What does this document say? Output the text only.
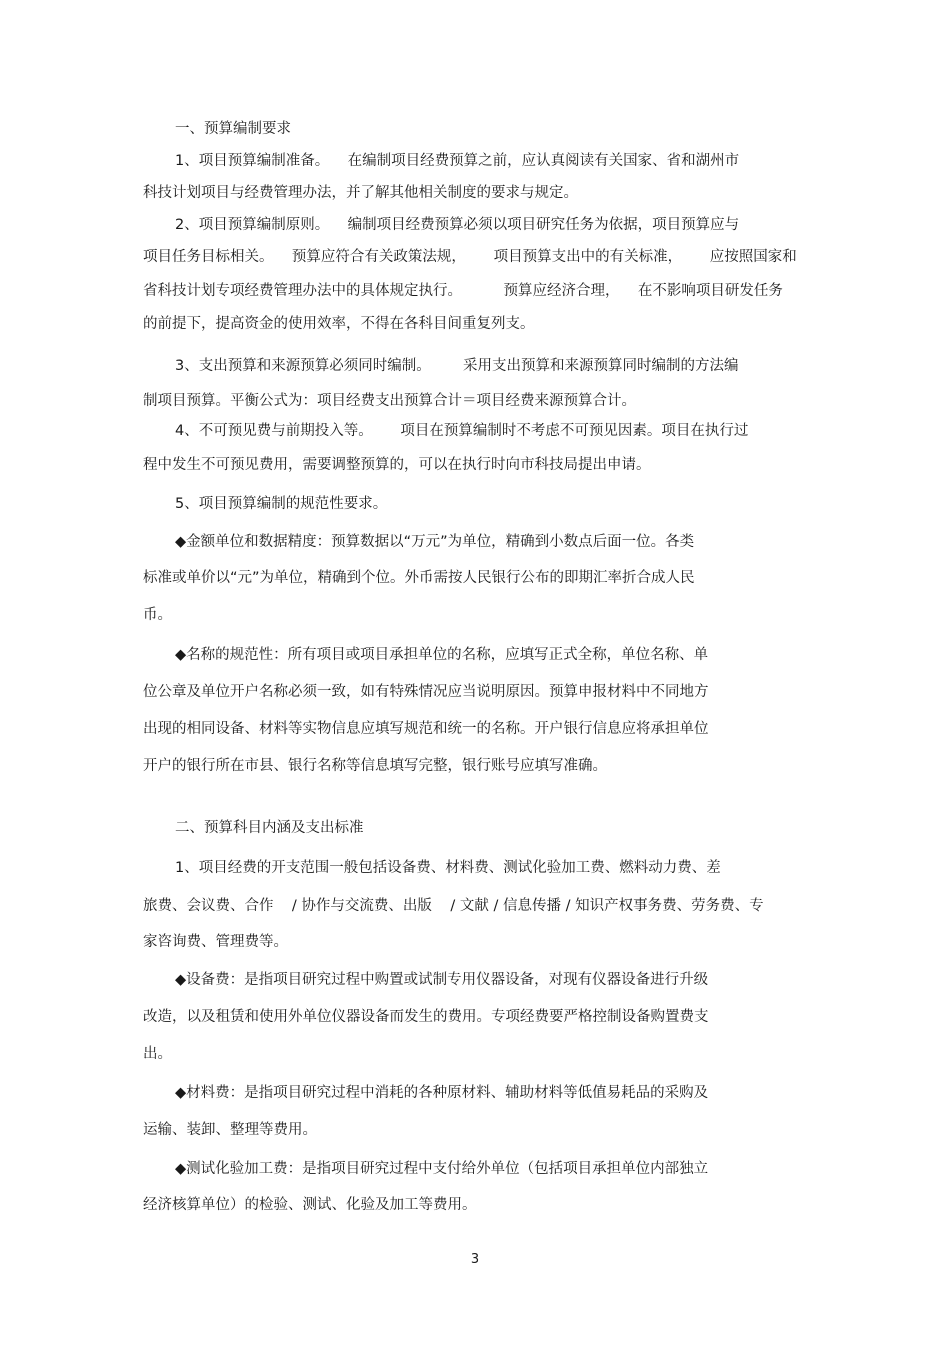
一、预算编制要求
1、项目预算编制准备。    在编制项目经费预算之前，应认真阅读有关国家、省和湖州市
科技计划项目与经费管理办法，并了解其他相关制度的要求与规定。
2、项目预算编制原则。    编制项目经费预算必须以项目研究任务为依据，项目预算应与
项目任务目标相关。    预算应符合有关政策法规，      项目预算支出中的有关标准，      应按照国家和
省科技计划专项经费管理办法中的具体规定执行。         预算应经济合理，    在不影响项目研发任务
的前提下，提高资金的使用效率，不得在各科目间重复列支。
3、支出预算和来源预算必须同时编制。       采用支出预算和来源预算同时编制的方法编
制项目预算。平衡公式为：项目经费支出预算合计＝项目经费来源预算合计。
4、不可预见费与前期投入等。      项目在预算编制时不考虑不可预见因素。项目在执行过
程中发生不可预见费用，需要调整预算的，可以在执行时向市科技局提出申请。
5、项目预算编制的规范性要求。
◆金额单位和数据精度：预算数据以“万元”为单位，精确到小数点后面一位。各类
标准或单价以“元”为单位，精确到个位。外币需按人民银行公布的即期汇率折合成人民
币。
◆名称的规范性：所有项目或项目承担单位的名称，应填写正式全称，单位名称、单
位公章及单位开户名称必须一致，如有特殊情况应当说明原因。预算申报材料中不同地方
出现的相同设备、材料等实物信息应填写规范和统一的名称。开户银行信息应将承担单位
开户的银行所在市县、银行名称等信息填写完整，银行账号应填写准确。
二、预算科目内涵及支出标准
1、项目经费的开支范围一般包括设备费、材料费、测试化验加工费、燃料动力费、差
旅费、会议费、合作    / 协作与交流费、出版    / 文献 / 信息传播 / 知识产权事务费、劳务费、专
家咨询费、管理费等。
◆设备费：是指项目研究过程中购置或试制专用仪器设备，对现有仪器设备进行升级
改造，以及租赁和使用外单位仪器设备而发生的费用。专项经费要严格控制设备购置费支
出。
◆材料费：是指项目研究过程中消耗的各种原材料、辅助材料等低值易耗品的采购及
运输、装卸、整理等费用。
◆测试化验加工费：是指项目研究过程中支付给外单位（包括项目承担单位内部独立
经济核算单位）的检验、测试、化验及加工等费用。
3
